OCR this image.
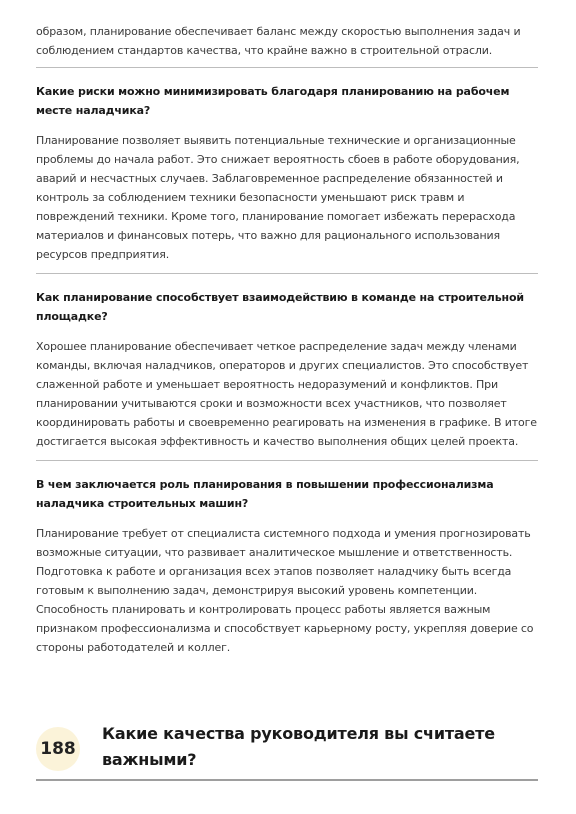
образом, планирование обеспечивает баланс между скоростью выполнения задач и соблюдением стандартов качества, что крайне важно в строительной отрасли.

Какие риски можно минимизировать благодаря планированию на рабочем месте наладчика?

Планирование позволяет выявить потенциальные технические и организационные проблемы до начала работ. Это снижает вероятность сбоев в работе оборудования, аварий и несчастных случаев. Заблаговременное распределение обязанностей и контроль за соблюдением техники безопасности уменьшают риск травм и повреждений техники. Кроме того, планирование помогает избежать перерасхода материалов и финансовых потерь, что важно для рационального использования ресурсов предприятия.

Как планирование способствует взаимодействию в команде на строительной площадке?

Хорошее планирование обеспечивает четкое распределение задач между членами команды, включая наладчиков, операторов и других специалистов. Это способствует слаженной работе и уменьшает вероятность недоразумений и конфликтов. При планировании учитываются сроки и возможности всех участников, что позволяет координировать работы и своевременно реагировать на изменения в графике. В итоге достигается высокая эффективность и качество выполнения общих целей проекта.

В чем заключается роль планирования в повышении профессионализма наладчика строительных машин?

Планирование требует от специалиста системного подхода и умения прогнозировать возможные ситуации, что развивает аналитическое мышление и ответственность. Подготовка к работе и организация всех этапов позволяет наладчику быть всегда готовым к выполнению задач, демонстрируя высокий уровень компетенции. Способность планировать и контролировать процесс работы является важным признаком профессионализма и способствует карьерному росту, укрепляя доверие со стороны работодателей и коллег.

188
Какие качества руководителя вы считаете важными?
